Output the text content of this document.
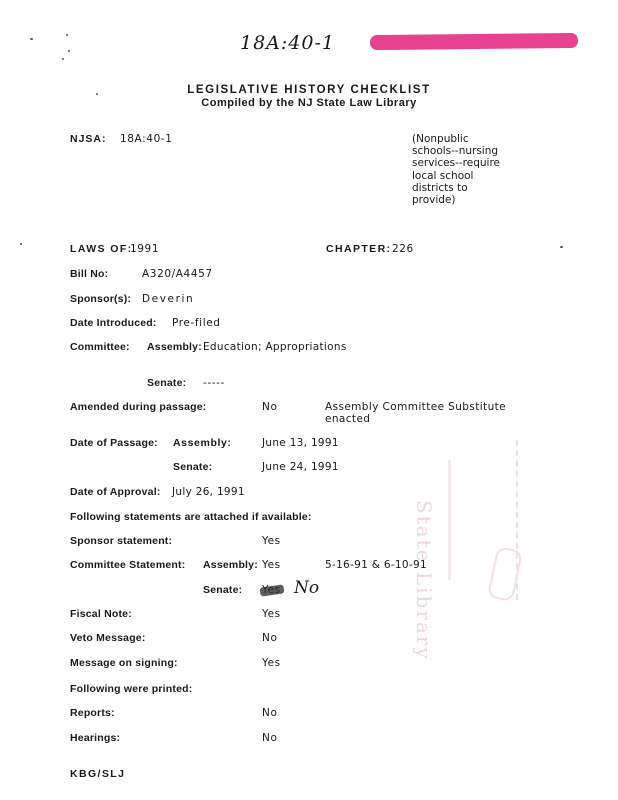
18A:40-1
LEGISLATIVE HISTORY CHECKLIST
Compiled by the NJ State Law Library
NJSA: 18A:40-1	(Nonpublic
schools--nursing
services--require
local school
districts to
provide)
LAWS OF:
1991	CHAPTER: 226
Bill No:	A320/A4457
Sponsor(s): Deverin
Date Introduced: Pre-filed
Committee: Assembly: Education; Appropriations
Senate: -----
Amended during passage:	No	Assembly Committee Substitute
enacted
Date of Passage: Assembly:	June 13, 1991
Senate:	June 24, 1991
Date of Approval: July 26, 1991
Following statements are attached if available:
Sponsor statement:	Yes
Committee Statement: Assembly: Yes	5-16-91 & 6-10-91
Senate:	No
Fiscal Note:	Yes
Veto Message:	No
Message on signing:	Yes
Following were printed:
Reports:	No
Hearings:	No
KBG/SLJ
State Library
